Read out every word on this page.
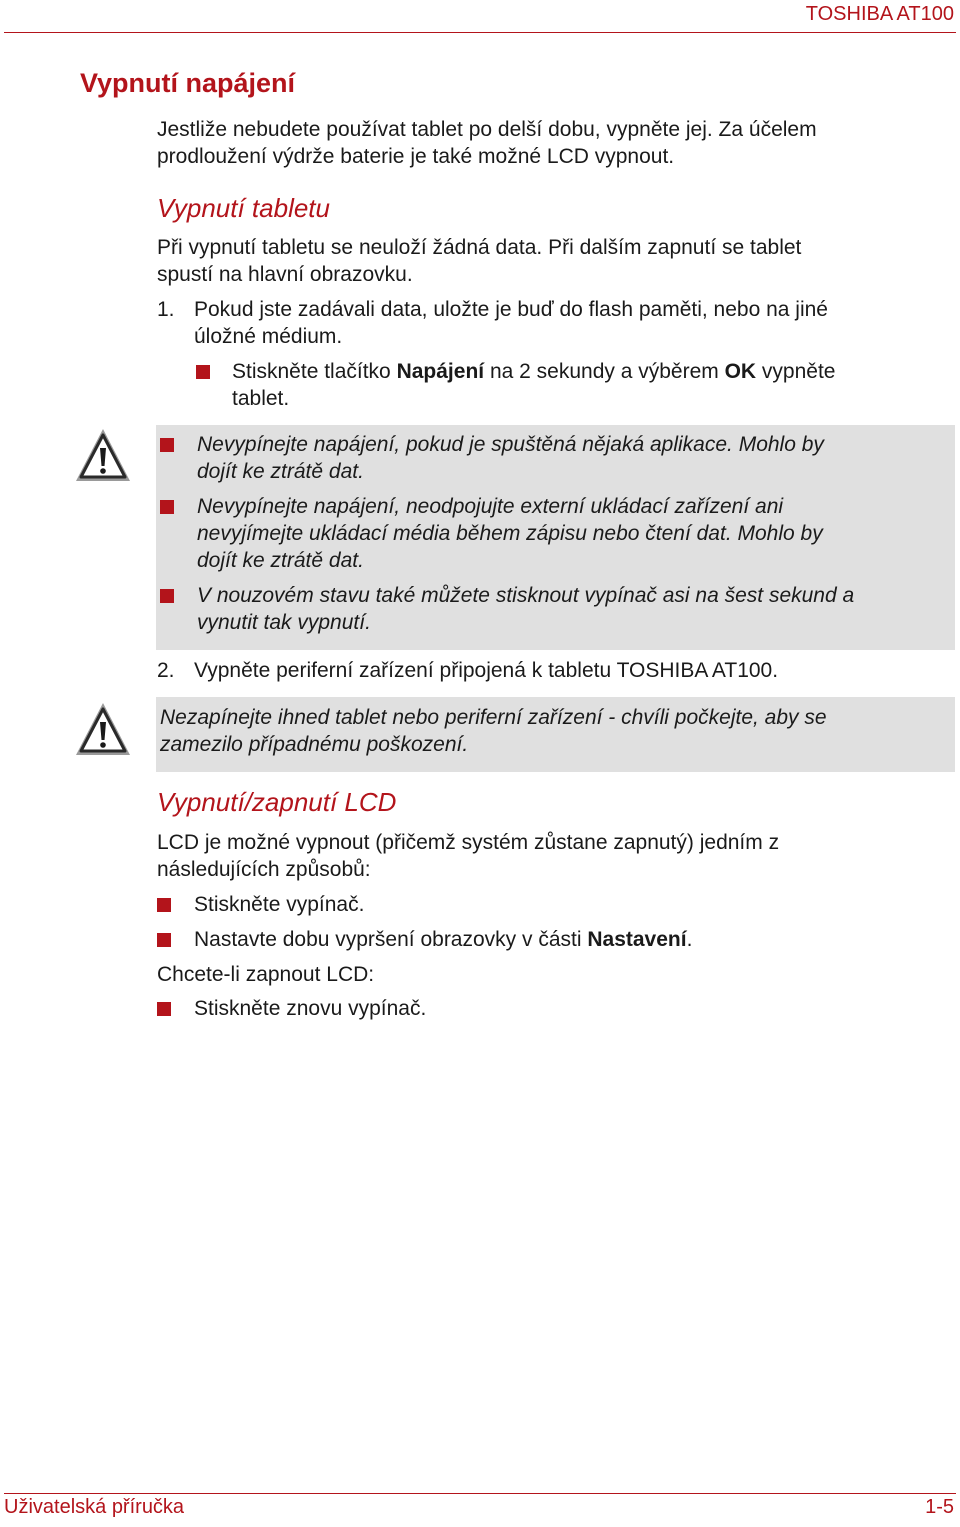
TOSHIBA AT100
Vypnutí napájení
Jestliže nebudete používat tablet po delší dobu, vypněte jej. Za účelem
prodloužení výdrže baterie je také možné LCD vypnout.
Vypnutí tabletu
Při vypnutí tabletu se neuloží žádná data. Při dalším zapnutí se tablet
spustí na hlavní obrazovku.
1. Pokud jste zadávali data, uložte je buď do flash paměti, nebo na jiné
úložné médium.
Stiskněte tlačítko Napájení na 2 sekundy a výběrem OK vypněte
tablet.
Nevypínejte napájení, pokud je spuštěná nějaká aplikace. Mohlo by
dojít ke ztrátě dat.
Nevypínejte napájení, neodpojujte externí ukládací zařízení ani
nevyjímejte ukládací média během zápisu nebo čtení dat. Mohlo by
dojít ke ztrátě dat.
V nouzovém stavu také můžete stisknout vypínač asi na šest sekund a
vynutit tak vypnutí.
2. Vypněte periferní zařízení připojená k tabletu TOSHIBA AT100.
Nezapínejte ihned tablet nebo periferní zařízení - chvíli počkejte, aby se
zamezilo případnému poškození.
Vypnutí/zapnutí LCD
LCD je možné vypnout (přičemž systém zůstane zapnutý) jedním z
následujících způsobů:
Stiskněte vypínač.
Nastavte dobu vypršení obrazovky v části Nastavení.
Chcete-li zapnout LCD:
Stiskněte znovu vypínač.
Uživatelská příručka	1-5
